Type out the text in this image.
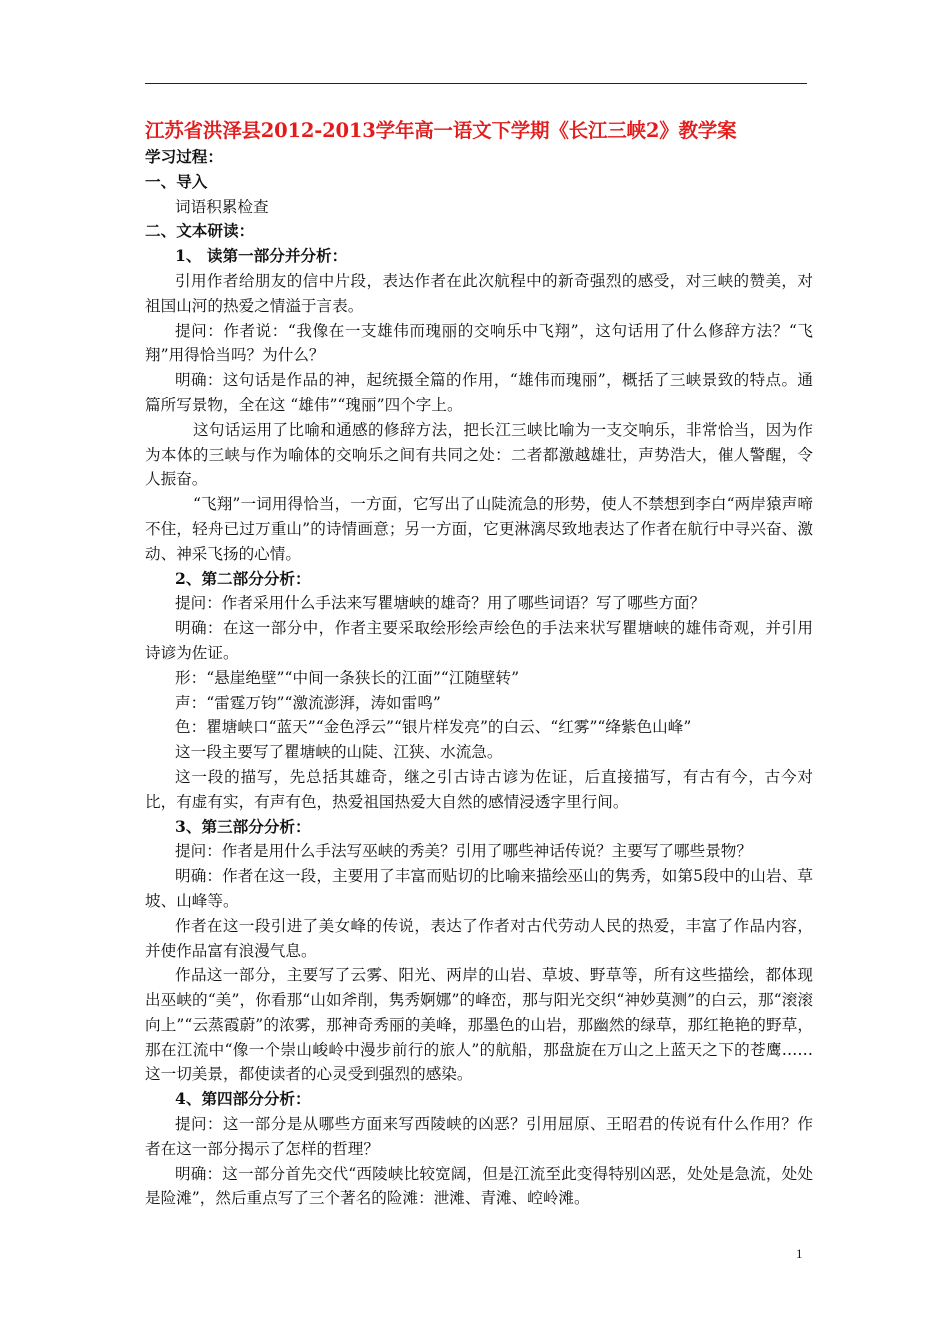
江苏省洪泽县2012-2013学年高一语文下学期《长江三峡2》教学案

学习过程：

一、导入

词语积累检查

二、文本研读：

1、 读第一部分并分析：

引用作者给朋友的信中片段，表达作者在此次航程中的新奇强烈的感受，对三峡的赞美，对祖国山河的热爱之情溢于言表。

提问：作者说：“我像在一支雄伟而瑰丽的交响乐中飞翔”，这句话用了什么修辞方法？“飞翔”用得恰当吗？为什么？

明确：这句话是作品的神，起统摄全篇的作用，“雄伟而瑰丽”，概括了三峡景致的特点。通篇所写景物，全在这 “雄伟”“瑰丽”四个字上。

这句话运用了比喻和通感的修辞方法，把长江三峡比喻为一支交响乐，非常恰当，因为作为本体的三峡与作为喻体的交响乐之间有共同之处：二者都激越雄壮，声势浩大，催人警醒，令人振奋。

“飞翔”一词用得恰当，一方面，它写出了山陡流急的形势，使人不禁想到李白“两岸猿声啼不住，轻舟已过万重山”的诗情画意；另一方面，它更淋漓尽致地表达了作者在航行中寻兴奋、激动、神采飞扬的心情。

2、第二部分分析：

提问：作者采用什么手法来写瞿塘峡的雄奇？用了哪些词语？写了哪些方面？

明确：在这一部分中，作者主要采取绘形绘声绘色的手法来状写瞿塘峡的雄伟奇观，并引用诗谚为佐证。

形：“悬崖绝壁”“中间一条狭长的江面”“江随壁转”

声：“雷霆万钧”“激流澎湃，涛如雷鸣”

色：瞿塘峡口“蓝天”“金色浮云”“银片样发亮”的白云、“红雾”“绛紫色山峰”

这一段主要写了瞿塘峡的山陡、江狭、水流急。

这一段的描写，先总括其雄奇，继之引古诗古谚为佐证，后直接描写，有古有今，古今对比，有虚有实，有声有色，热爱祖国热爱大自然的感情浸透字里行间。

3、第三部分分析：

提问：作者是用什么手法写巫峡的秀美？引用了哪些神话传说？主要写了哪些景物？

明确：作者在这一段，主要用了丰富而贴切的比喻来描绘巫山的隽秀，如第5段中的山岩、草坡、山峰等。

作者在这一段引进了美女峰的传说，表达了作者对古代劳动人民的热爱，丰富了作品内容，并使作品富有浪漫气息。

作品这一部分，主要写了云雾、阳光、两岸的山岩、草坡、野草等，所有这些描绘，都体现出巫峡的“美”，你看那“山如斧削，隽秀婀娜”的峰峦，那与阳光交织“神妙莫测”的白云，那“滚滚向上”“云蒸霞蔚”的浓雾，那神奇秀丽的美峰，那墨色的山岩，那幽然的绿草，那红艳艳的野草，那在江流中“像一个崇山峻岭中漫步前行的旅人”的航船，那盘旋在万山之上蓝天之下的苍鹰……这一切美景，都使读者的心灵受到强烈的感染。

4、第四部分分析：

提问：这一部分是从哪些方面来写西陵峡的凶恶？引用屈原、王昭君的传说有什么作用？作者在这一部分揭示了怎样的哲理？

明确：这一部分首先交代“西陵峡比较宽阔，但是江流至此变得特别凶恶，处处是急流，处处是险滩”，然后重点写了三个著名的险滩：泄滩、青滩、崆岭滩。

1
